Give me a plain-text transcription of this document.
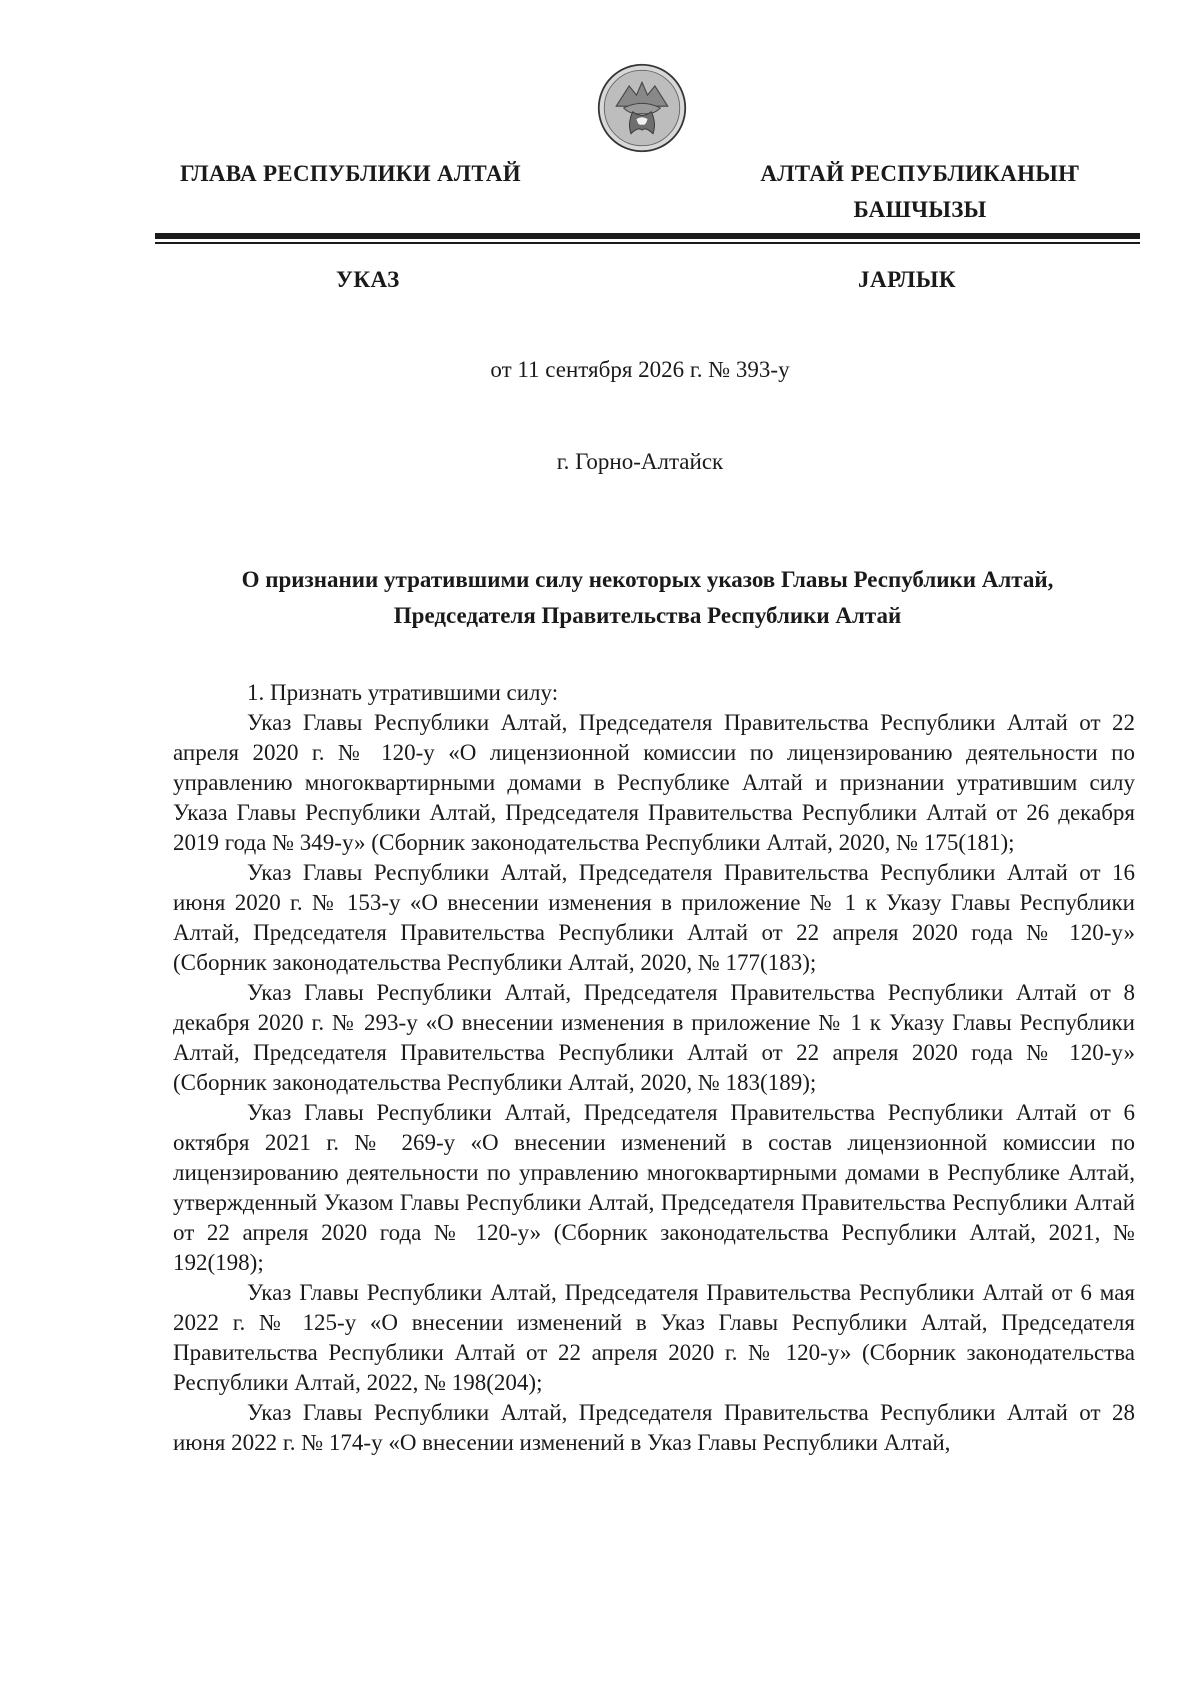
ГЛАВА РЕСПУБЛИКИ АЛТАЙ	АЛТАЙ РЕСПУБЛИКАНЫҤ
БАШЧЫЗЫ
УКАЗ	ЈАРЛЫК
от 11 сентября 2026 г. № 393-у
г. Горно-Алтайск
О признании утратившими силу некоторых указов Главы Республики Алтай,
Председателя Правительства Республики Алтай

1. Признать утратившими силу:

Указ Главы Республики Алтай, Председателя Правительства Республики Алтай от 22 апреля 2020 г. № 120-у «О лицензионной комиссии по лицензированию деятельности по управлению многоквартирными домами в Республике Алтай и признании утратившим силу Указа Главы Республики Алтай, Председателя Правительства Республики Алтай от 26 декабря 2019 года № 349-у» (Сборник законодательства Республики Алтай, 2020, № 175(181);

Указ Главы Республики Алтай, Председателя Правительства Республики Алтай от 16 июня 2020 г. № 153-у «О внесении изменения в приложение № 1 к Указу Главы Республики Алтай, Председателя Правительства Республики Алтай от 22 апреля 2020 года № 120-у» (Сборник законодательства Республики Алтай, 2020, № 177(183);

Указ Главы Республики Алтай, Председателя Правительства Республики Алтай от 8 декабря 2020 г. № 293-у «О внесении изменения в приложение № 1 к Указу Главы Республики Алтай, Председателя Правительства Республики Алтай от 22 апреля 2020 года № 120-у» (Сборник законодательства Республики Алтай, 2020, № 183(189);

Указ Главы Республики Алтай, Председателя Правительства Республики Алтай от 6 октября 2021 г. № 269-у «О внесении изменений в состав лицензионной комиссии по лицензированию деятельности по управлению многоквартирными домами в Республике Алтай, утвержденный Указом Главы Республики Алтай, Председателя Правительства Республики Алтай от 22 апреля 2020 года № 120-у» (Сборник законодательства Республики Алтай, 2021, № 192(198);

Указ Главы Республики Алтай, Председателя Правительства Республики Алтай от 6 мая 2022 г. № 125-у «О внесении изменений в Указ Главы Республики Алтай, Председателя Правительства Республики Алтай от 22 апреля 2020 г. № 120-у» (Сборник законодательства Республики Алтай, 2022, № 198(204);

Указ Главы Республики Алтай, Председателя Правительства Республики Алтай от 28 июня 2022 г. № 174-у «О внесении изменений в Указ Главы Республики Алтай,
